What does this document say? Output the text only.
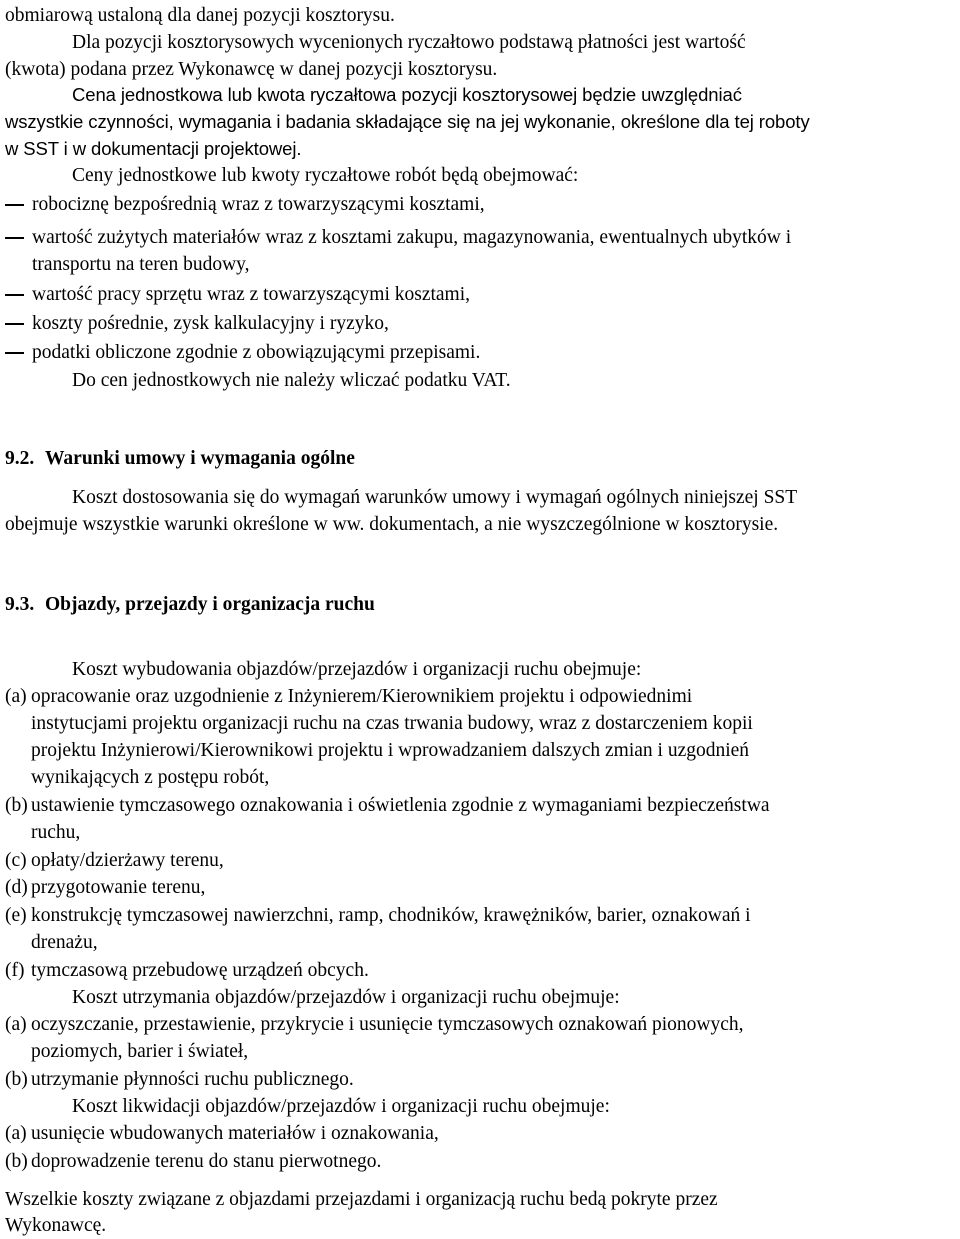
obmiarową ustaloną dla danej pozycji kosztorysu.
Dla pozycji kosztorysowych wycenionych ryczałtowo podstawą płatności jest wartość
(kwota) podana przez Wykonawcę w danej pozycji kosztorysu.
Cena jednostkowa lub kwota ryczałtowa pozycji kosztorysowej będzie uwzględniać
wszystkie czynności, wymagania i badania składające się na jej wykonanie, określone dla tej roboty
w SST i w dokumentacji projektowej.
Ceny jednostkowe lub kwoty ryczałtowe robót będą obejmować:
robociznę bezpośrednią wraz z towarzyszącymi kosztami,
wartość zużytych materiałów wraz z kosztami zakupu, magazynowania, ewentualnych ubytków i
transportu na teren budowy,
wartość pracy sprzętu wraz z towarzyszącymi kosztami,
koszty pośrednie, zysk kalkulacyjny i ryzyko,
podatki obliczone zgodnie z obowiązującymi przepisami.
Do cen jednostkowych nie należy wliczać podatku VAT.
9.2. Warunki umowy i wymagania ogólne
Koszt dostosowania się do wymagań warunków umowy i wymagań ogólnych niniejszej SST
obejmuje wszystkie warunki określone w ww. dokumentach, a nie wyszczególnione w kosztorysie.
9.3. Objazdy, przejazdy i organizacja ruchu
Koszt wybudowania objazdów/przejazdów i organizacji ruchu obejmuje:
(a) opracowanie oraz uzgodnienie z Inżynierem/Kierownikiem projektu i odpowiednimi
instytucjami projektu organizacji ruchu na czas trwania budowy, wraz z dostarczeniem kopii
projektu Inżynierowi/Kierownikowi projektu i wprowadzaniem dalszych zmian i uzgodnień
wynikających z postępu robót,
(b) ustawienie tymczasowego oznakowania i oświetlenia zgodnie z wymaganiami bezpieczeństwa
ruchu,
(c) opłaty/dzierżawy terenu,
(d) przygotowanie terenu,
(e) konstrukcję tymczasowej nawierzchni, ramp, chodników, krawężników, barier, oznakowań i
drenażu,
(f) tymczasową przebudowę urządzeń obcych.
Koszt utrzymania objazdów/przejazdów i organizacji ruchu obejmuje:
(a) oczyszczanie, przestawienie, przykrycie i usunięcie tymczasowych oznakowań pionowych,
poziomych, barier i świateł,
(b) utrzymanie płynności ruchu publicznego.
Koszt likwidacji objazdów/przejazdów i organizacji ruchu obejmuje:
(a) usunięcie wbudowanych materiałów i oznakowania,
(b) doprowadzenie terenu do stanu pierwotnego.
Wszelkie koszty związane z objazdami przejazdami i organizacją ruchu bedą pokryte przez
Wykonawcę.
